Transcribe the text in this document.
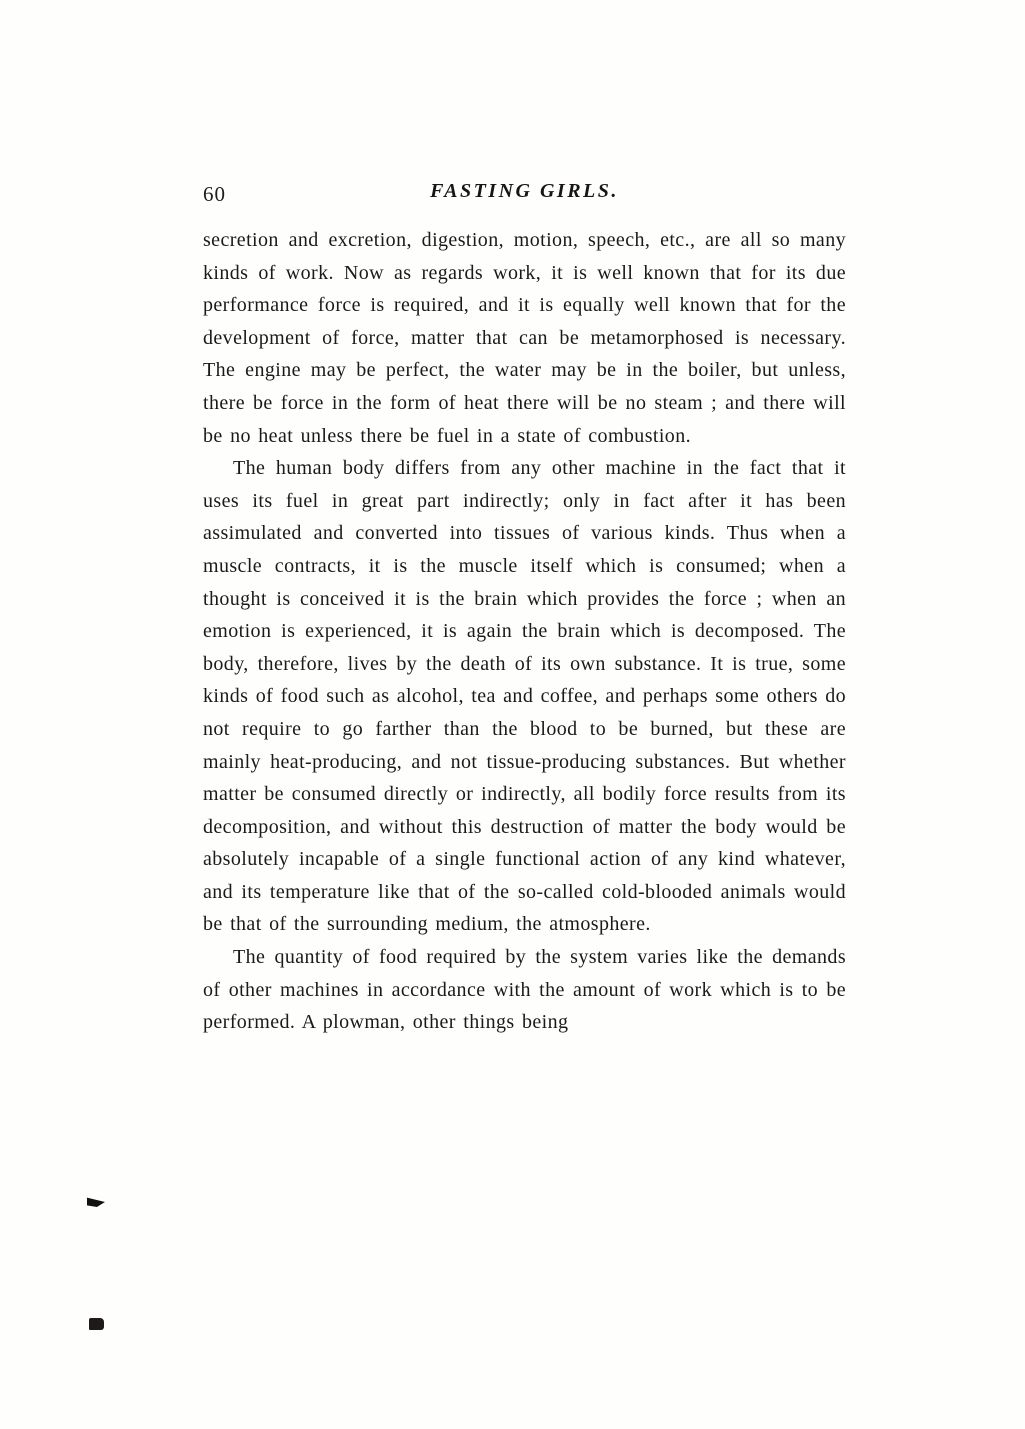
60	FASTING GIRLS.

secretion and excretion, digestion, motion, speech, etc., are all so many kinds of work. Now as regards work, it is well known that for its due performance force is required, and it is equally well known that for the development of force, matter that can be metamorphosed is necessary. The engine may be perfect, the water may be in the boiler, but unless, there be force in the form of heat there will be no steam ; and there will be no heat unless there be fuel in a state of combustion.

The human body differs from any other machine in the fact that it uses its fuel in great part indirectly; only in fact after it has been assimulated and converted into tissues of various kinds. Thus when a muscle contracts, it is the muscle itself which is consumed; when a thought is conceived it is the brain which provides the force ; when an emotion is experienced, it is again the brain which is decomposed. The body, therefore, lives by the death of its own substance. It is true, some kinds of food such as alcohol, tea and coffee, and perhaps some others do not require to go farther than the blood to be burned, but these are mainly heat-producing, and not tissue-producing substances. But whether matter be consumed directly or indirectly, all bodily force results from its decomposition, and without this destruction of matter the body would be absolutely incapable of a single functional action of any kind whatever, and its temperature like that of the so-called cold-blooded animals would be that of the surrounding medium, the atmosphere.

The quantity of food required by the system varies like the demands of other machines in accordance with the amount of work which is to be performed. A plowman, other things being
